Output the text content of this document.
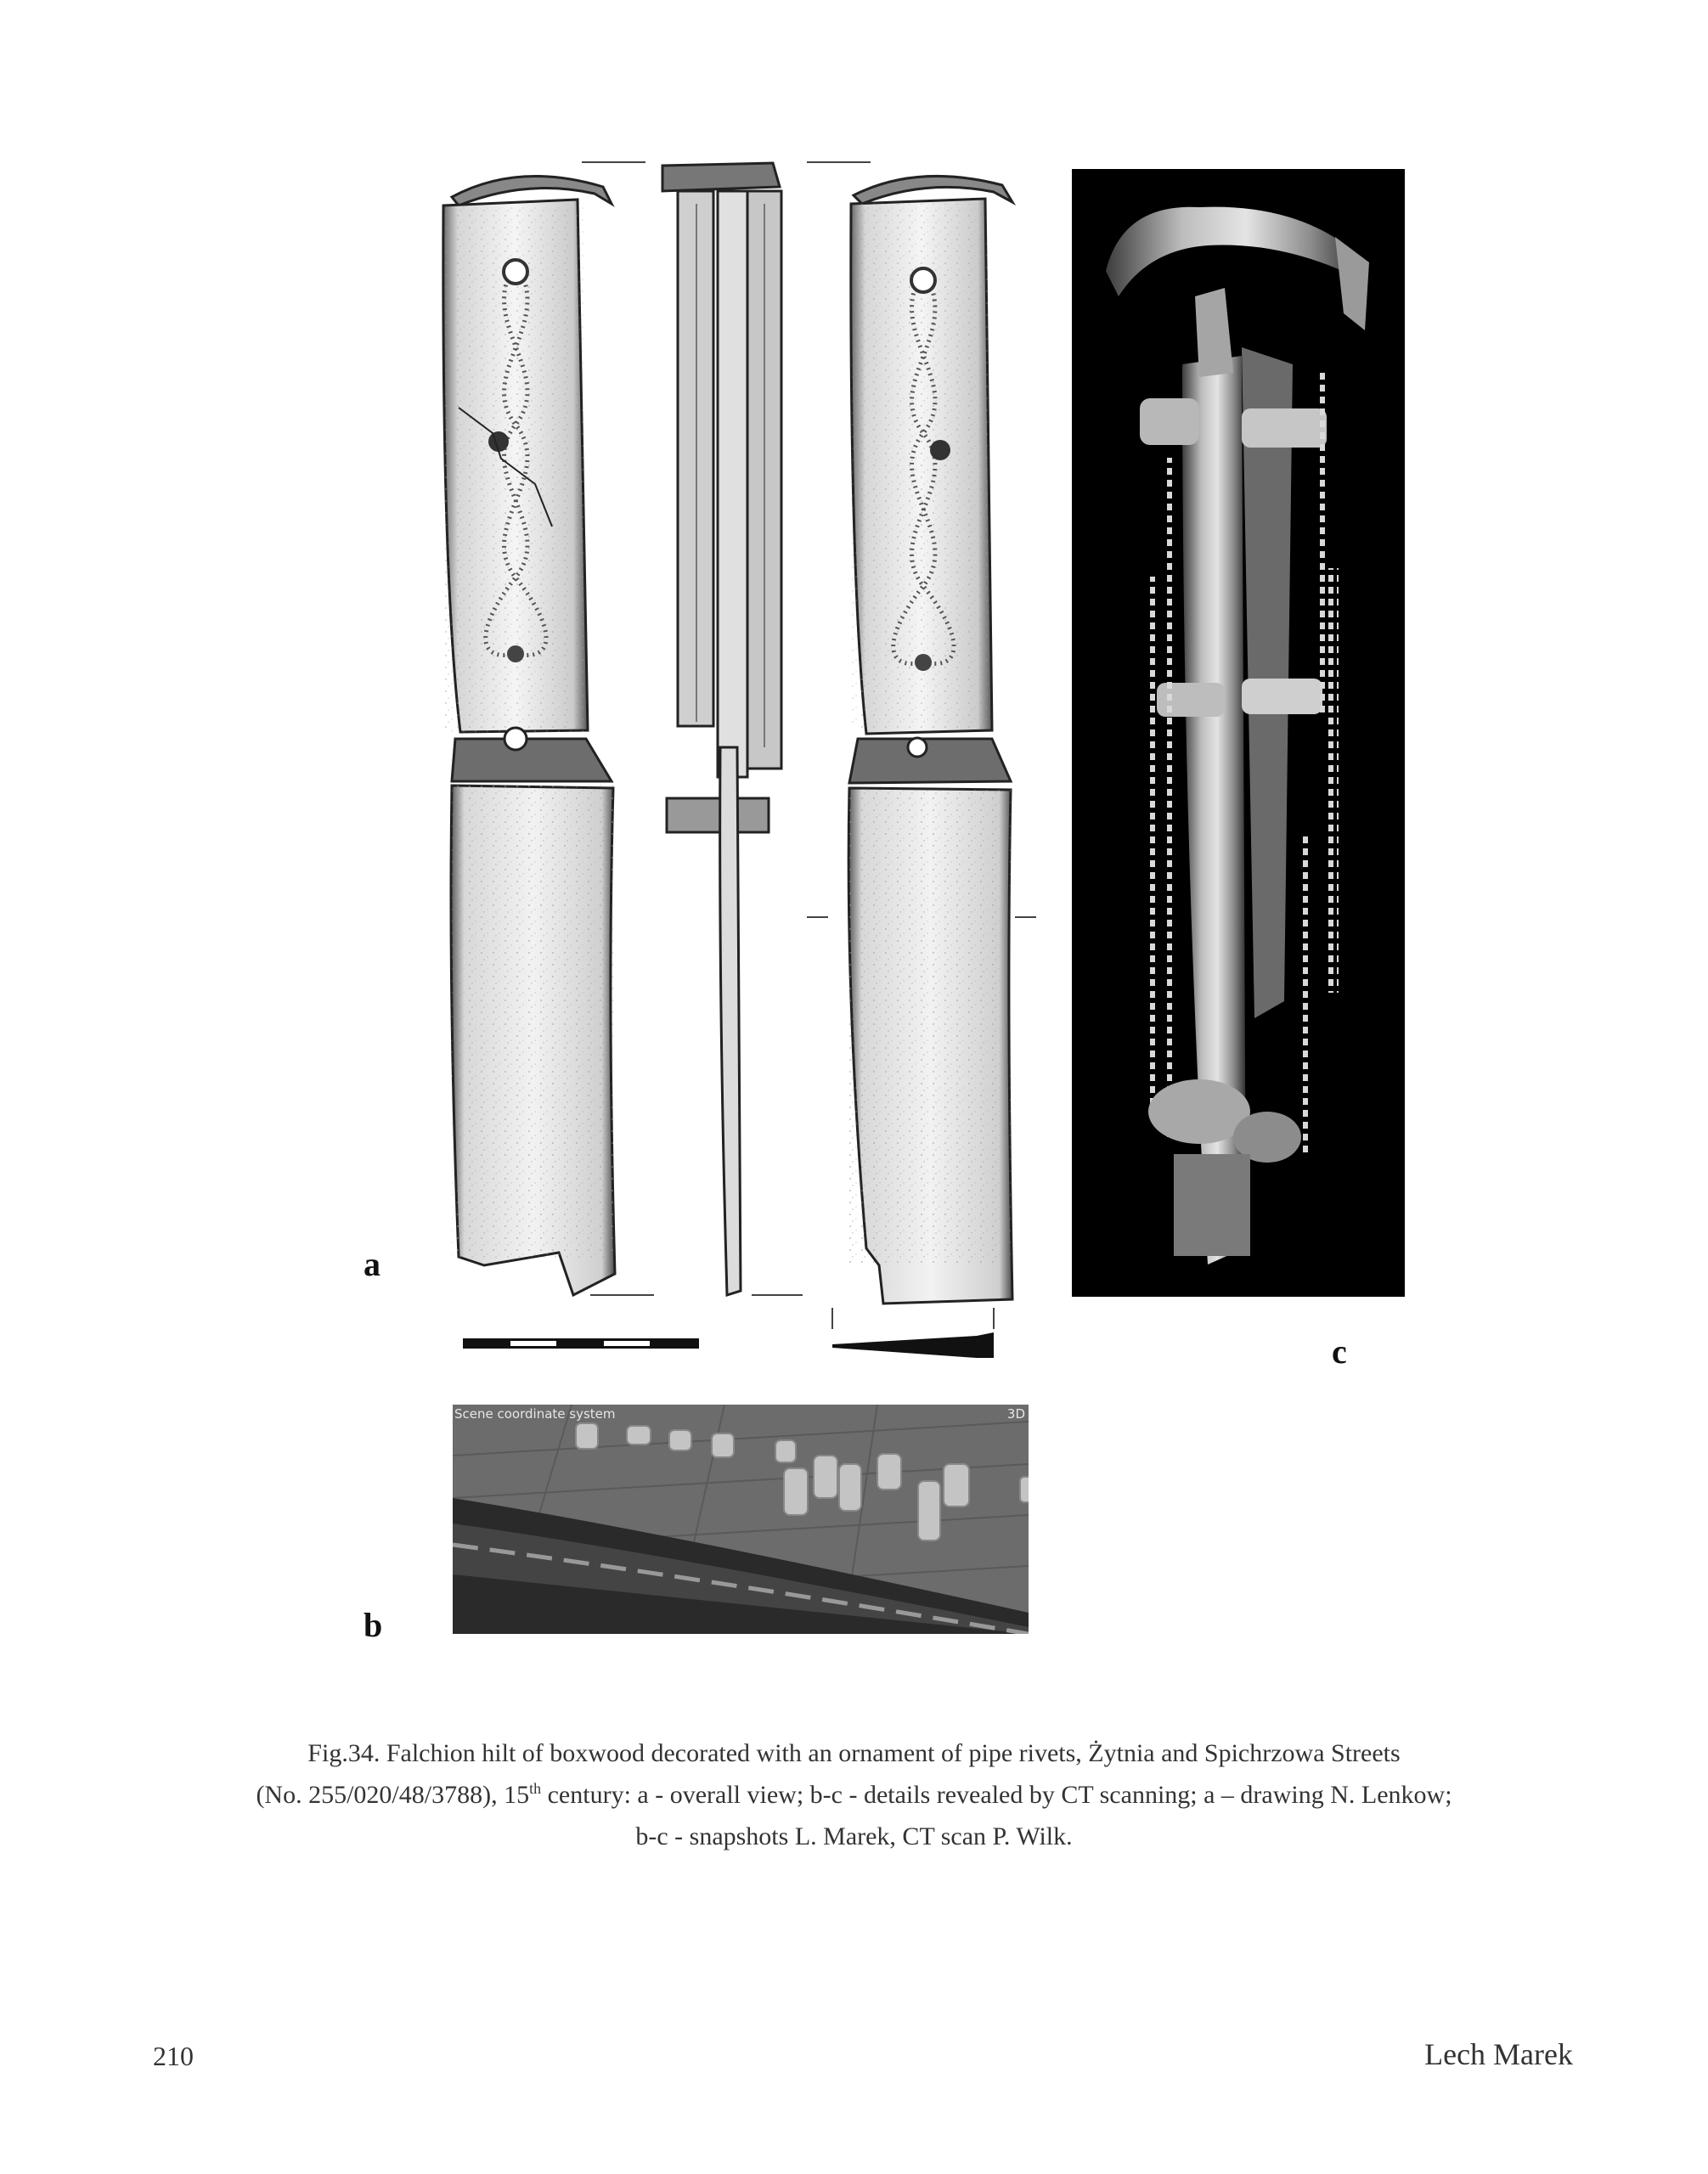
a
c
Scene coordinate system	3D
b
Fig.34. Falchion hilt of boxwood decorated with an ornament of pipe rivets, Żytnia and Spichrzowa Streets
(No. 255/020/48/3788), 15th century: a - overall view; b-c - details revealed by CT scanning; a – drawing N. Lenkow;
b-c - snapshots L. Marek, CT scan P. Wilk.
210	Lech Marek
